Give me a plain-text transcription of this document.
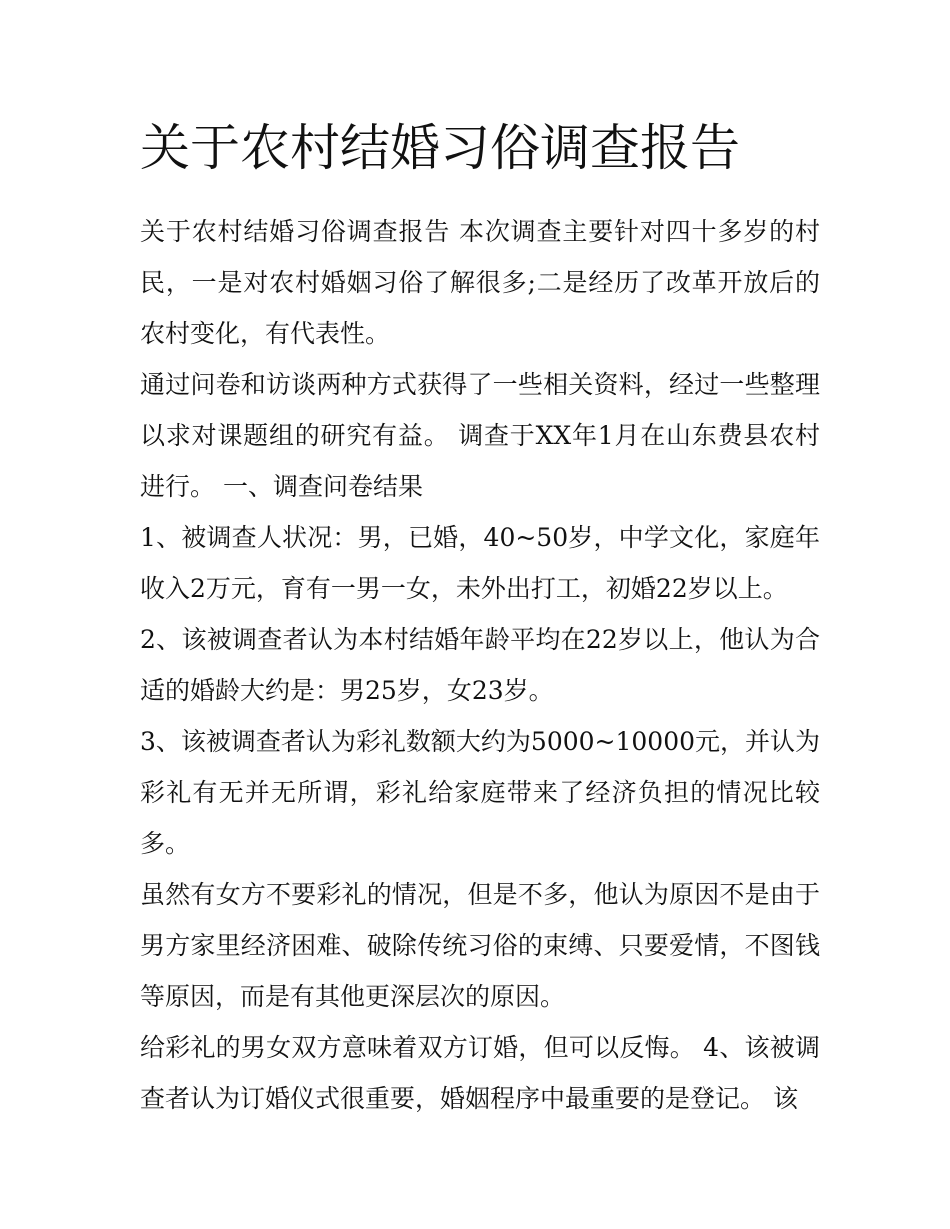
关于农村结婚习俗调查报告

关于农村结婚习俗调查报告 本次调查主要针对四十多岁的村民，一是对农村婚姻习俗了解很多;二是经历了改革开放后的农村变化，有代表性。

通过问卷和访谈两种方式获得了一些相关资料，经过一些整理以求对课题组的研究有益。 调查于XX年1月在山东费县农村进行。 一、调查问卷结果

1、被调查人状况：男，已婚，40~50岁，中学文化，家庭年收入2万元，育有一男一女，未外出打工，初婚22岁以上。

2、该被调查者认为本村结婚年龄平均在22岁以上，他认为合适的婚龄大约是：男25岁，女23岁。

3、该被调查者认为彩礼数额大约为5000~10000元，并认为彩礼有无并无所谓，彩礼给家庭带来了经济负担的情况比较多。

虽然有女方不要彩礼的情况，但是不多，他认为原因不是由于男方家里经济困难、破除传统习俗的束缚、只要爱情，不图钱等原因，而是有其他更深层次的原因。

给彩礼的男女双方意味着双方订婚，但可以反悔。 4、该被调查者认为订婚仪式很重要，婚姻程序中最重要的是登记。 该
